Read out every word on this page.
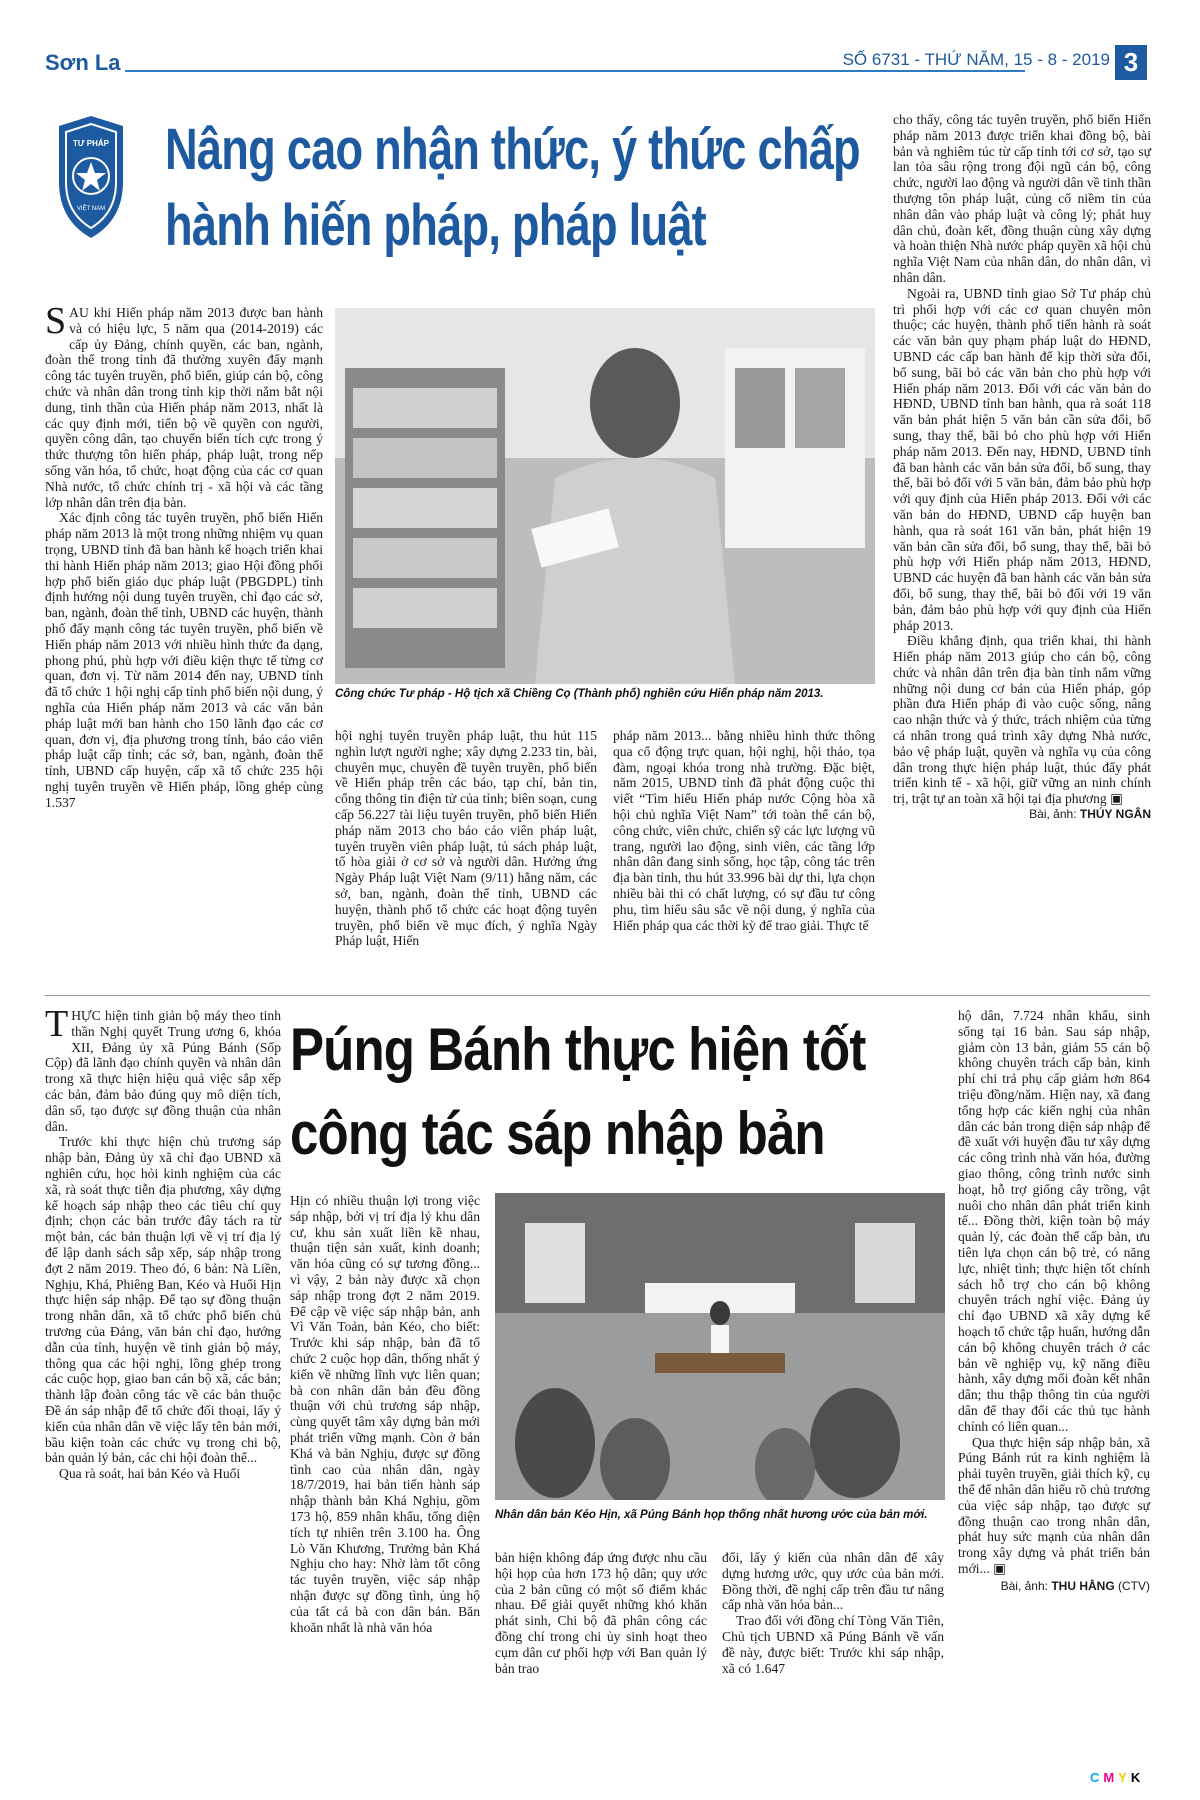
Sơn La	SỐ 6731 - THỨ NĂM, 15 - 8 - 2019 3
TƯ PHÁP
VIỆT NAM
Nâng cao nhận thức, ý thức chấp hành hiến pháp, pháp luật

SAU khi Hiến pháp năm 2013 được ban hành và có hiệu lực, 5 năm qua (2014-2019) các cấp ủy Đảng, chính quyền, các ban, ngành, đoàn thể trong tỉnh đã thường xuyên đẩy mạnh công tác tuyên truyền, phổ biến, giúp cán bộ, công chức và nhân dân trong tỉnh kịp thời nắm bắt nội dung, tinh thần của Hiến pháp năm 2013, nhất là các quy định mới, tiến bộ về quyền con người, quyền công dân, tạo chuyển biến tích cực trong ý thức thượng tôn hiến pháp, pháp luật, trong nếp sống văn hóa, tổ chức, hoạt động của các cơ quan Nhà nước, tổ chức chính trị - xã hội và các tầng lớp nhân dân trên địa bàn.

Xác định công tác tuyên truyền, phổ biến Hiến pháp năm 2013 là một trong những nhiệm vụ quan trọng, UBND tỉnh đã ban hành kế hoạch triển khai thi hành Hiến pháp năm 2013; giao Hội đồng phối hợp phổ biến giáo dục pháp luật (PBGDPL) tỉnh định hướng nội dung tuyên truyền, chỉ đạo các sở, ban, ngành, đoàn thể tỉnh, UBND các huyện, thành phố đẩy mạnh công tác tuyên truyền, phổ biến về Hiến pháp năm 2013 với nhiều hình thức đa dạng, phong phú, phù hợp với điều kiện thực tế từng cơ quan, đơn vị. Từ năm 2014 đến nay, UBND tỉnh đã tổ chức 1 hội nghị cấp tỉnh phổ biến nội dung, ý nghĩa của Hiến pháp năm 2013 và các văn bản pháp luật mới ban hành cho 150 lãnh đạo các cơ quan, đơn vị, địa phương trong tỉnh, báo cáo viên pháp luật cấp tỉnh; các sở, ban, ngành, đoàn thể tỉnh, UBND cấp huyện, cấp xã tổ chức 235 hội nghị tuyên truyền về Hiến pháp, lồng ghép cùng 1.537

Công chức Tư pháp - Hộ tịch xã Chiềng Cọ (Thành phố) nghiên cứu Hiến pháp năm 2013.

hội nghị tuyên truyền pháp luật, thu hút 115 nghìn lượt người nghe; xây dựng 2.233 tin, bài, chuyên mục, chuyên đề tuyên truyền, phổ biến về Hiến pháp trên các báo, tạp chí, bản tin, cổng thông tin điện tử của tỉnh; biên soạn, cung cấp 56.227 tài liệu tuyên truyền, phổ biến Hiến pháp năm 2013 cho báo cáo viên pháp luật, tuyên truyền viên pháp luật, tủ sách pháp luật, tổ hòa giải ở cơ sở và người dân. Hưởng ứng Ngày Pháp luật Việt Nam (9/11) hằng năm, các sở, ban, ngành, đoàn thể tỉnh, UBND các huyện, thành phố tổ chức các hoạt động tuyên truyền, phổ biến về mục đích, ý nghĩa Ngày Pháp luật, Hiến

pháp năm 2013... bằng nhiều hình thức thông qua cổ động trực quan, hội nghị, hội thảo, tọa đàm, ngoại khóa trong nhà trường. Đặc biệt, năm 2015, UBND tỉnh đã phát động cuộc thi viết “Tìm hiểu Hiến pháp nước Cộng hòa xã hội chủ nghĩa Việt Nam” tới toàn thể cán bộ, công chức, viên chức, chiến sỹ các lực lượng vũ trang, người lao động, sinh viên, các tầng lớp nhân dân đang sinh sống, học tập, công tác trên địa bàn tỉnh, thu hút 33.996 bài dự thi, lựa chọn nhiều bài thi có chất lượng, có sự đầu tư công phu, tìm hiểu sâu sắc về nội dung, ý nghĩa của Hiến pháp qua các thời kỳ để trao giải. Thực tế

cho thấy, công tác tuyên truyền, phổ biến Hiến pháp năm 2013 được triển khai đồng bộ, bài bản và nghiêm túc từ cấp tỉnh tới cơ sở, tạo sự lan tỏa sâu rộng trong đội ngũ cán bộ, công chức, người lao động và người dân về tinh thần thượng tôn pháp luật, củng cố niềm tin của nhân dân vào pháp luật và công lý; phát huy dân chủ, đoàn kết, đồng thuận cùng xây dựng và hoàn thiện Nhà nước pháp quyền xã hội chủ nghĩa Việt Nam của nhân dân, do nhân dân, vì nhân dân.

Ngoài ra, UBND tỉnh giao Sở Tư pháp chủ trì phối hợp với các cơ quan chuyên môn thuộc; các huyện, thành phố tiến hành rà soát các văn bản quy phạm pháp luật do HĐND, UBND các cấp ban hành để kịp thời sửa đổi, bổ sung, bãi bỏ các văn bản cho phù hợp với Hiến pháp năm 2013. Đối với các văn bản do HĐND, UBND tỉnh ban hành, qua rà soát 118 văn bản phát hiện 5 văn bản cần sửa đổi, bổ sung, thay thế, bãi bỏ cho phù hợp với Hiến pháp năm 2013. Đến nay, HĐND, UBND tỉnh đã ban hành các văn bản sửa đổi, bổ sung, thay thế, bãi bỏ đối với 5 văn bản, đảm bảo phù hợp với quy định của Hiến pháp 2013. Đối với các văn bản do HĐND, UBND cấp huyện ban hành, qua rà soát 161 văn bản, phát hiện 19 văn bản cần sửa đổi, bổ sung, thay thế, bãi bỏ phù hợp với Hiến pháp năm 2013, HĐND, UBND các huyện đã ban hành các văn bản sửa đổi, bổ sung, thay thế, bãi bỏ đối với 19 văn bản, đảm bảo phù hợp với quy định của Hiến pháp 2013.

Điều khẳng định, qua triển khai, thi hành Hiến pháp năm 2013 giúp cho cán bộ, công chức và nhân dân trên địa bàn tỉnh nắm vững những nội dung cơ bản của Hiến pháp, góp phần đưa Hiến pháp đi vào cuộc sống, nâng cao nhận thức và ý thức, trách nhiệm của từng cá nhân trong quá trình xây dựng Nhà nước, bảo vệ pháp luật, quyền và nghĩa vụ của công dân trong thực hiện pháp luật, thúc đẩy phát triển kinh tế - xã hội, giữ vững an ninh chính trị, trật tự an toàn xã hội tại địa phương ▣
Bài, ảnh: THÚY NGÂN

THỰC hiện tinh giản bộ máy theo tinh thần Nghị quyết Trung ương 6, khóa XII, Đảng ủy xã Púng Bánh (Sốp Cộp) đã lãnh đạo chính quyền và nhân dân trong xã thực hiện hiệu quả việc sắp xếp các bản, đảm bảo đúng quy mô diện tích, dân số, tạo được sự đồng thuận của nhân dân.

Trước khi thực hiện chủ trương sáp nhập bản, Đảng ủy xã chỉ đạo UBND xã nghiên cứu, học hỏi kinh nghiệm của các xã, rà soát thực tiễn địa phương, xây dựng kế hoạch sáp nhập theo các tiêu chí quy định; chọn các bản trước đây tách ra từ một bản, các bản thuận lợi về vị trí địa lý để lập danh sách sắp xếp, sáp nhập trong đợt 2 năm 2019. Theo đó, 6 bản: Nà Liền, Nghịu, Khá, Phiêng Ban, Kéo và Huổi Hịn thực hiện sáp nhập. Để tạo sự đồng thuận trong nhân dân, xã tổ chức phổ biến chủ trương của Đảng, văn bản chỉ đạo, hướng dẫn của tỉnh, huyện về tinh giản bộ máy, thông qua các hội nghị, lồng ghép trong các cuộc họp, giao ban cán bộ xã, các bản; thành lập đoàn công tác về các bản thuộc Đề án sáp nhập để tổ chức đối thoại, lấy ý kiến của nhân dân về việc lấy tên bản mới, bầu kiện toàn các chức vụ trong chi bộ, bản quản lý bản, các chi hội đoàn thể...

Qua rà soát, hai bản Kéo và Huổi

Púng Bánh thực hiện tốt công tác sáp nhập bản

Hịn có nhiều thuận lợi trong việc sáp nhập, bởi vị trí địa lý khu dân cư, khu sản xuất liền kề nhau, thuận tiện sản xuất, kinh doanh; văn hóa cũng có sự tương đồng... vì vậy, 2 bản này được xã chọn sáp nhập trong đợt 2 năm 2019. Để cập về việc sáp nhập bản, anh Vì Văn Toản, bản Kéo, cho biết: Trước khi sáp nhập, bản đã tổ chức 2 cuộc họp dân, thống nhất ý kiến về những lĩnh vực liên quan; bà con nhân dân bản đều đồng thuận với chủ trương sáp nhập, cùng quyết tâm xây dựng bản mới phát triển vững mạnh. Còn ở bản Khá và bản Nghịu, được sự đồng tình cao của nhân dân, ngày 18/7/2019, hai bản tiến hành sáp nhập thành bản Khá Nghịu, gồm 173 hộ, 859 nhân khẩu, tổng diện tích tự nhiên trên 3.100 ha. Ông Lò Văn Khương, Trưởng bản Khá Nghịu cho hay: Nhờ làm tốt công tác tuyên truyền, việc sáp nhập nhận được sự đồng tình, ủng hộ của tất cả bà con dân bản. Băn khoăn nhất là nhà văn hóa

Nhân dân bản Kéo Hịn, xã Púng Bánh họp thống nhất hương ước của bản mới.

bản hiện không đáp ứng được nhu cầu hội họp của hơn 173 hộ dân; quy ước của 2 bản cũng có một số điểm khác nhau. Để giải quyết những khó khăn phát sinh, Chi bộ đã phân công các đồng chí trong chi ủy sinh hoạt theo cụm dân cư phối hợp với Ban quản lý bản trao

đổi, lấy ý kiến của nhân dân để xây dựng hương ước, quy ước của bản mới. Đồng thời, đề nghị cấp trên đầu tư nâng cấp nhà văn hóa bản...

Trao đổi với đồng chí Tòng Văn Tiên, Chủ tịch UBND xã Púng Bánh về vấn đề này, được biết: Trước khi sáp nhập, xã có 1.647

hộ dân, 7.724 nhân khẩu, sinh sống tại 16 bản. Sau sáp nhập, giảm còn 13 bản, giảm 55 cán bộ không chuyên trách cấp bản, kinh phí chi trả phụ cấp giảm hơn 864 triệu đồng/năm. Hiện nay, xã đang tổng hợp các kiến nghị của nhân dân các bản trong diện sáp nhập để đề xuất với huyện đầu tư xây dựng các công trình nhà văn hóa, đường giao thông, công trình nước sinh hoạt, hỗ trợ giống cây trồng, vật nuôi cho nhân dân phát triển kinh tế... Đồng thời, kiện toàn bộ máy quản lý, các đoàn thể cấp bản, ưu tiên lựa chọn cán bộ trẻ, có năng lực, nhiệt tình; thực hiện tốt chính sách hỗ trợ cho cán bộ không chuyên trách nghỉ việc. Đảng ủy chỉ đạo UBND xã xây dựng kế hoạch tổ chức tập huấn, hướng dẫn cán bộ không chuyên trách ở các bản về nghiệp vụ, kỹ năng điều hành, xây dựng mối đoàn kết nhân dân; thu thập thông tin của người dân để thay đổi các thủ tục hành chính có liên quan...

Qua thực hiện sáp nhập bản, xã Púng Bánh rút ra kinh nghiệm là phải tuyên truyền, giải thích kỹ, cụ thể để nhân dân hiểu rõ chủ trương của việc sáp nhập, tạo được sự đồng thuận cao trong nhân dân, phát huy sức mạnh của nhân dân trong xây dựng và phát triển bản mới... ▣

Bài, ảnh: THU HẰNG (CTV)

CMYK
